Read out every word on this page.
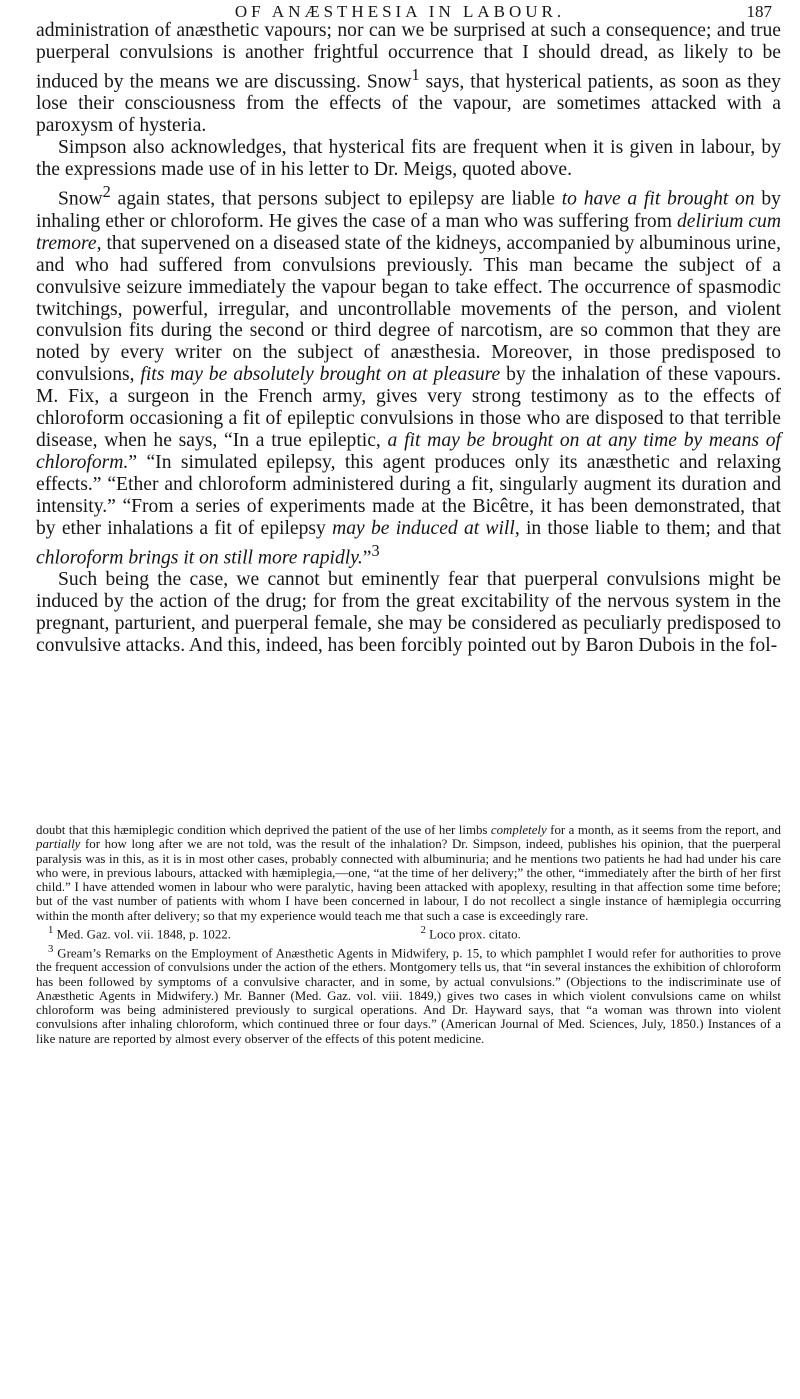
OF ANÆSTHESIA IN LABOUR.	187

administration of anæsthetic vapours; nor can we be surprised at such a consequence; and true puerperal convulsions is another frightful occurrence that I should dread, as likely to be induced by the means we are discussing. Snow$^1$ says, that hysterical patients, as soon as they lose their consciousness from the effects of the vapour, are sometimes attacked with a paroxysm of hysteria.

Simpson also acknowledges, that hysterical fits are frequent when it is given in labour, by the expressions made use of in his letter to Dr. Meigs, quoted above.

Snow$^2$ again states, that persons subject to epilepsy are liable to have a fit brought on by inhaling ether or chloroform. He gives the case of a man who was suffering from delirium cum tremore, that supervened on a diseased state of the kidneys, accompanied by albuminous urine, and who had suffered from convulsions previously. This man became the subject of a convulsive seizure immediately the vapour began to take effect. The occurrence of spasmodic twitchings, powerful, irregular, and uncontrollable movements of the person, and violent convulsion fits during the second or third degree of narcotism, are so common that they are noted by every writer on the subject of anæsthesia. Moreover, in those predisposed to convulsions, fits may be absolutely brought on at pleasure by the inhalation of these vapours. M. Fix, a surgeon in the French army, gives very strong testimony as to the effects of chloroform occasioning a fit of epileptic convulsions in those who are disposed to that terrible disease, when he says, “In a true epileptic, a fit may be brought on at any time by means of chloroform.” “In simulated epilepsy, this agent produces only its anæsthetic and relaxing effects.” “Ether and chloroform administered during a fit, singularly augment its duration and intensity.” “From a series of experiments made at the Bicêtre, it has been demonstrated, that by ether inhalations a fit of epilepsy may be induced at will, in those liable to them; and that chloroform brings it on still more rapidly.”$^3$

Such being the case, we cannot but eminently fear that puerperal convulsions might be induced by the action of the drug; for from the great excitability of the nervous system in the pregnant, parturient, and puerperal female, she may be considered as peculiarly predisposed to convulsive attacks. And this, indeed, has been forcibly pointed out by Baron Dubois in the fol-

doubt that this hæmiplegic condition which deprived the patient of the use of her limbs completely for a month, as it seems from the report, and partially for how long after we are not told, was the result of the inhalation? Dr. Simpson, indeed, publishes his opinion, that the puerperal paralysis was in this, as it is in most other cases, probably connected with albuminuria; and he mentions two patients he had had under his care who were, in previous labours, attacked with hæmiplegia,—one, “at the time of her delivery;” the other, “immediately after the birth of her first child.” I have attended women in labour who were paralytic, having been attacked with apoplexy, resulting in that affection some time before; but of the vast number of patients with whom I have been concerned in labour, I do not recollect a single instance of hæmiplegia occurring within the month after delivery; so that my experience would teach me that such a case is exceedingly rare.

$^1$ Med. Gaz. vol. vii. 1848, p. 1022.	$^2$ Loco prox. citato.

$^3$ Gream’s Remarks on the Employment of Anæsthetic Agents in Midwifery, p. 15, to which pamphlet I would refer for authorities to prove the frequent accession of convulsions under the action of the ethers. Montgomery tells us, that “in several instances the exhibition of chloroform has been followed by symptoms of a convulsive character, and in some, by actual convulsions.” (Objections to the indiscriminate use of Anæsthetic Agents in Midwifery.) Mr. Banner (Med. Gaz. vol. viii. 1849,) gives two cases in which violent convulsions came on whilst chloroform was being administered previously to surgical operations. And Dr. Hayward says, that “a woman was thrown into violent convulsions after inhaling chloroform, which continued three or four days.” (American Journal of Med. Sciences, July, 1850.) Instances of a like nature are reported by almost every observer of the effects of this potent medicine.
